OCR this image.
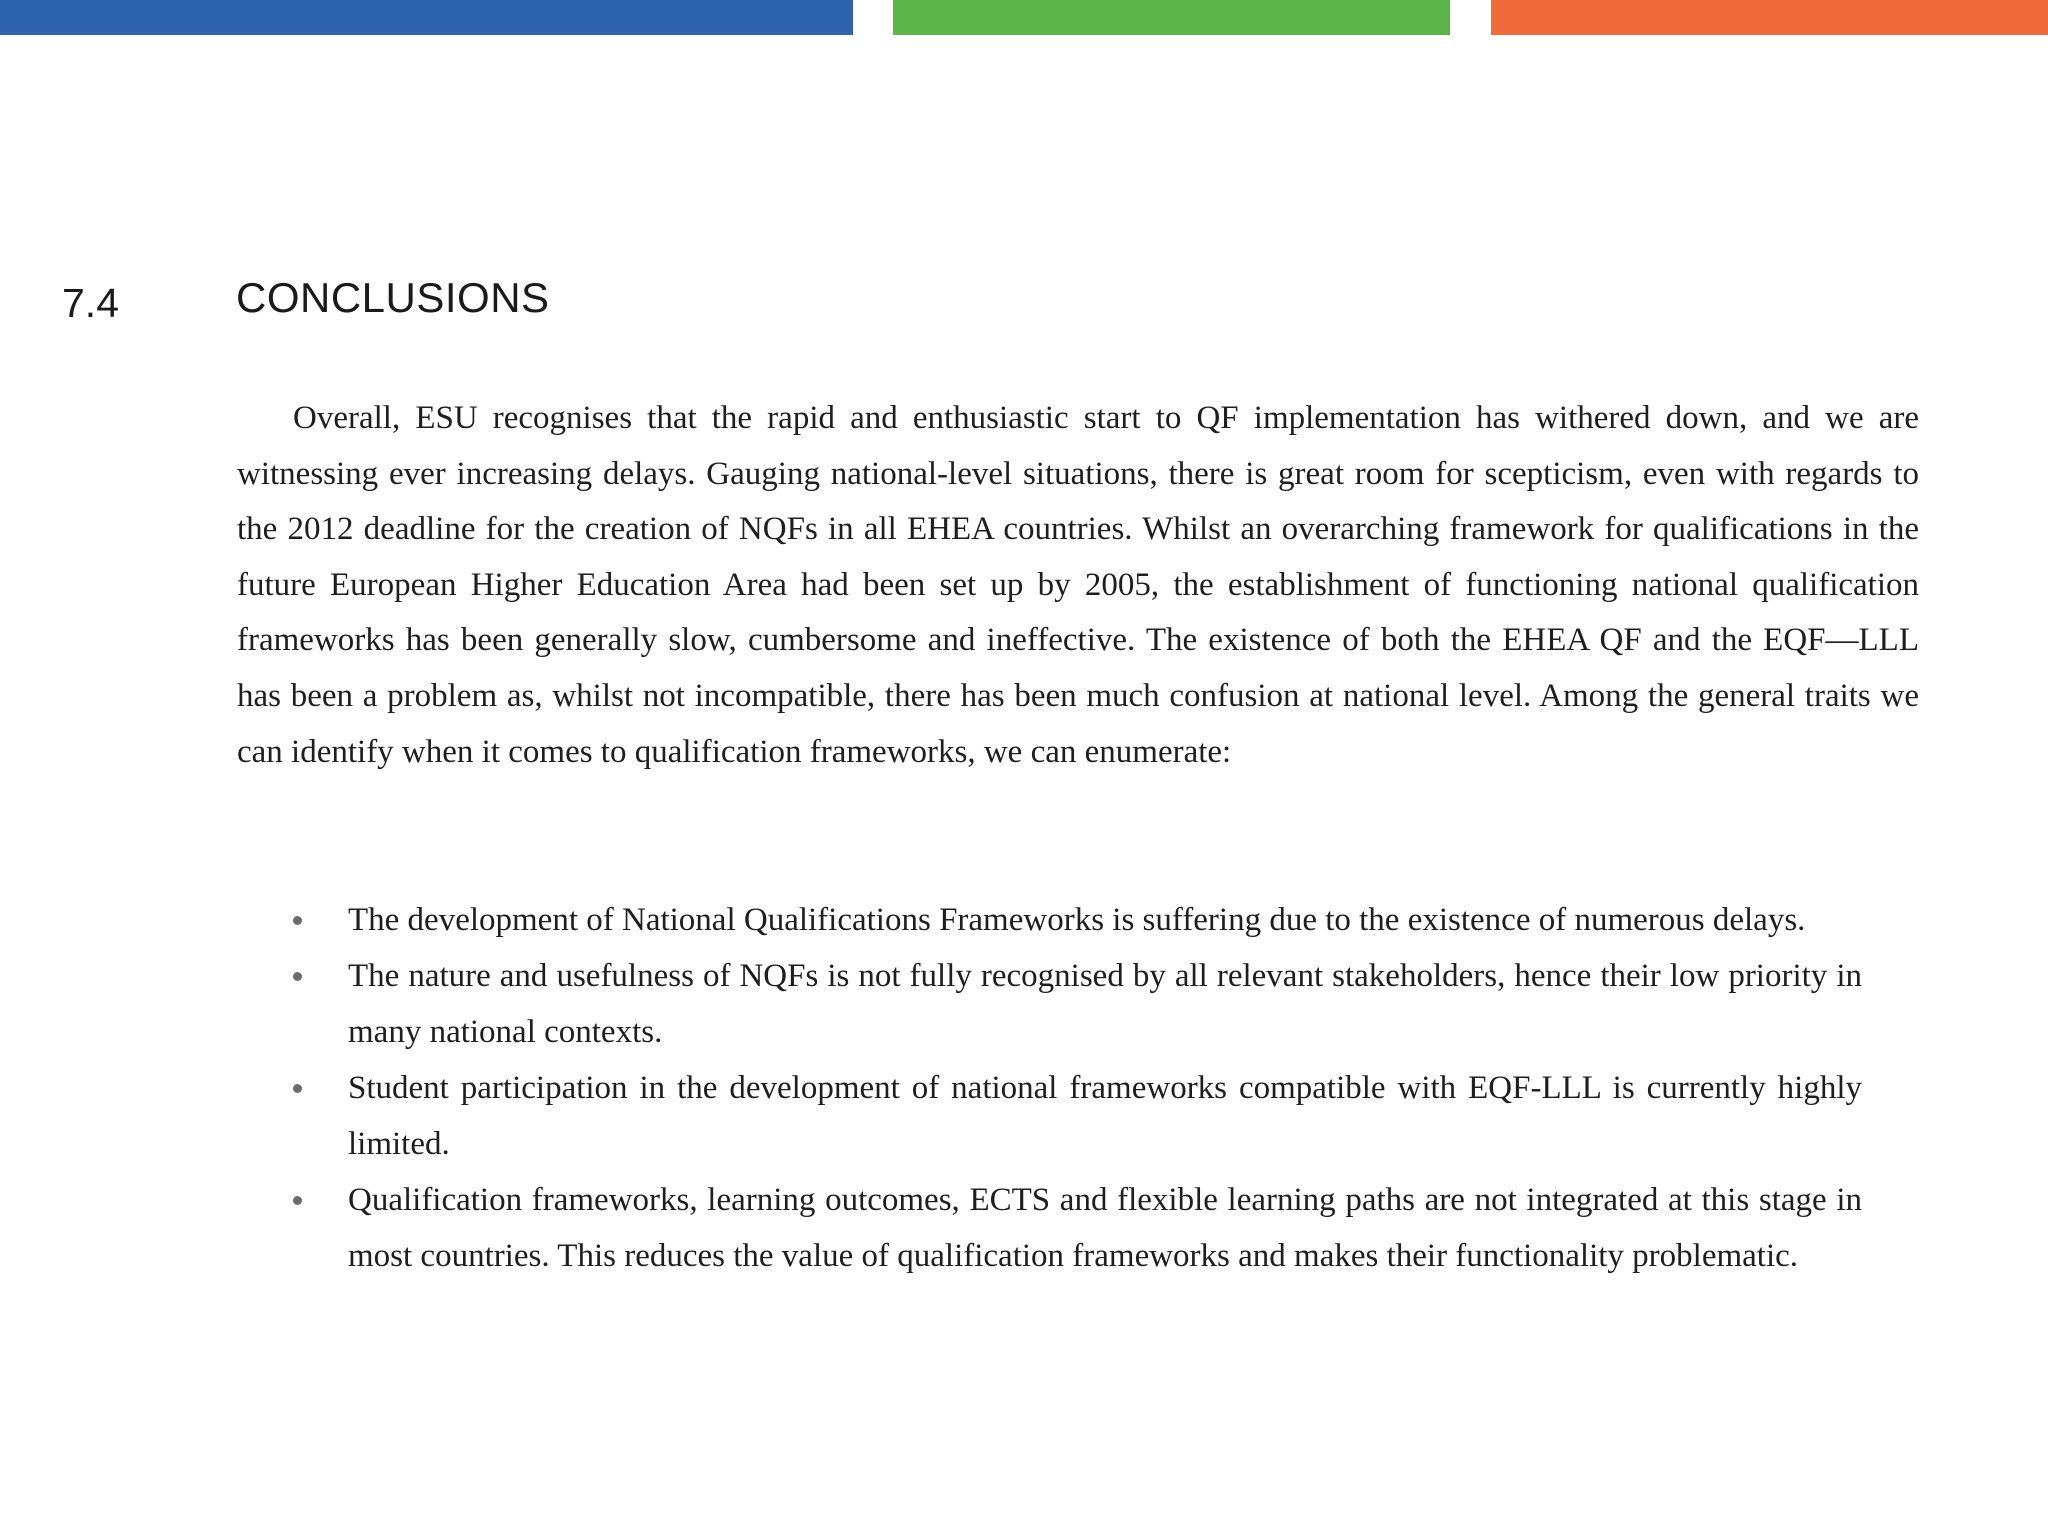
7.4	CONCLUSIONS

Overall, ESU recognises that the rapid and enthusiastic start to QF implementation has withered down, and we are witnessing ever increasing delays. Gauging national-level situations, there is great room for scepticism, even with regards to the 2012 deadline for the creation of NQFs in all EHEA countries. Whilst an overarching framework for qualifications in the future European Higher Education Area had been set up by 2005, the establishment of functioning national qualification frameworks has been generally slow, cumbersome and ineffective. The existence of both the EHEA QF and the EQF—LLL has been a problem as, whilst not incompatible, there has been much confusion at national level. Among the general traits we can identify when it comes to qualification frameworks, we can enumerate:

The development of National Qualifications Frameworks is suffering due to the existence of numerous delays.
The nature and usefulness of NQFs is not fully recognised by all relevant stakeholders, hence their low priority in many national contexts.
Student participation in the development of national frameworks compatible with EQF-LLL is currently highly limited.
Qualification frameworks, learning outcomes, ECTS and flexible learning paths are not integrated at this stage in most countries. This reduces the value of qualification frameworks and makes their functionality problematic.
